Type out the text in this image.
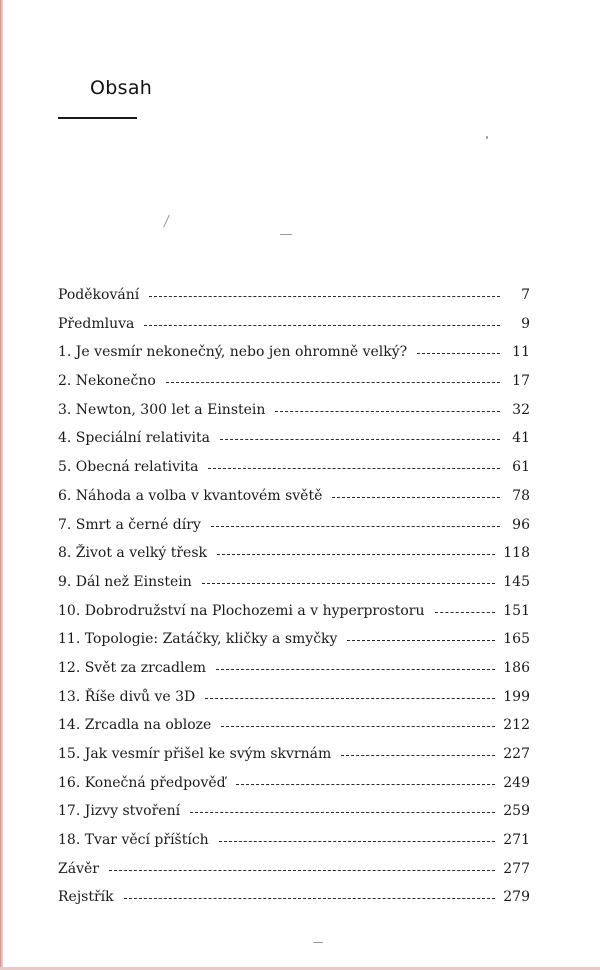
Obsah
Poděkování	7
Předmluva	9
1. Je vesmír nekonečný, nebo jen ohromně velký?	11
2. Nekonečno	17
3. Newton, 300 let a Einstein	32
4. Speciální relativita	41
5. Obecná relativita	61
6. Náhoda a volba v kvantovém světě	78
7. Smrt a černé díry	96
8. Život a velký třesk	118
9. Dál než Einstein	145
10. Dobrodružství na Plochozemi a v hyperprostoru	151
11. Topologie: Zatáčky, kličky a smyčky	165
12. Svět za zrcadlem	186
13. Říše divů ve 3D	199
14. Zrcadla na obloze	212
15. Jak vesmír přišel ke svým skvrnám	227
16. Konečná předpověď	249
17. Jizvy stvoření	259
18. Tvar věcí příštích	271
Závěr	277
Rejstřík	279
